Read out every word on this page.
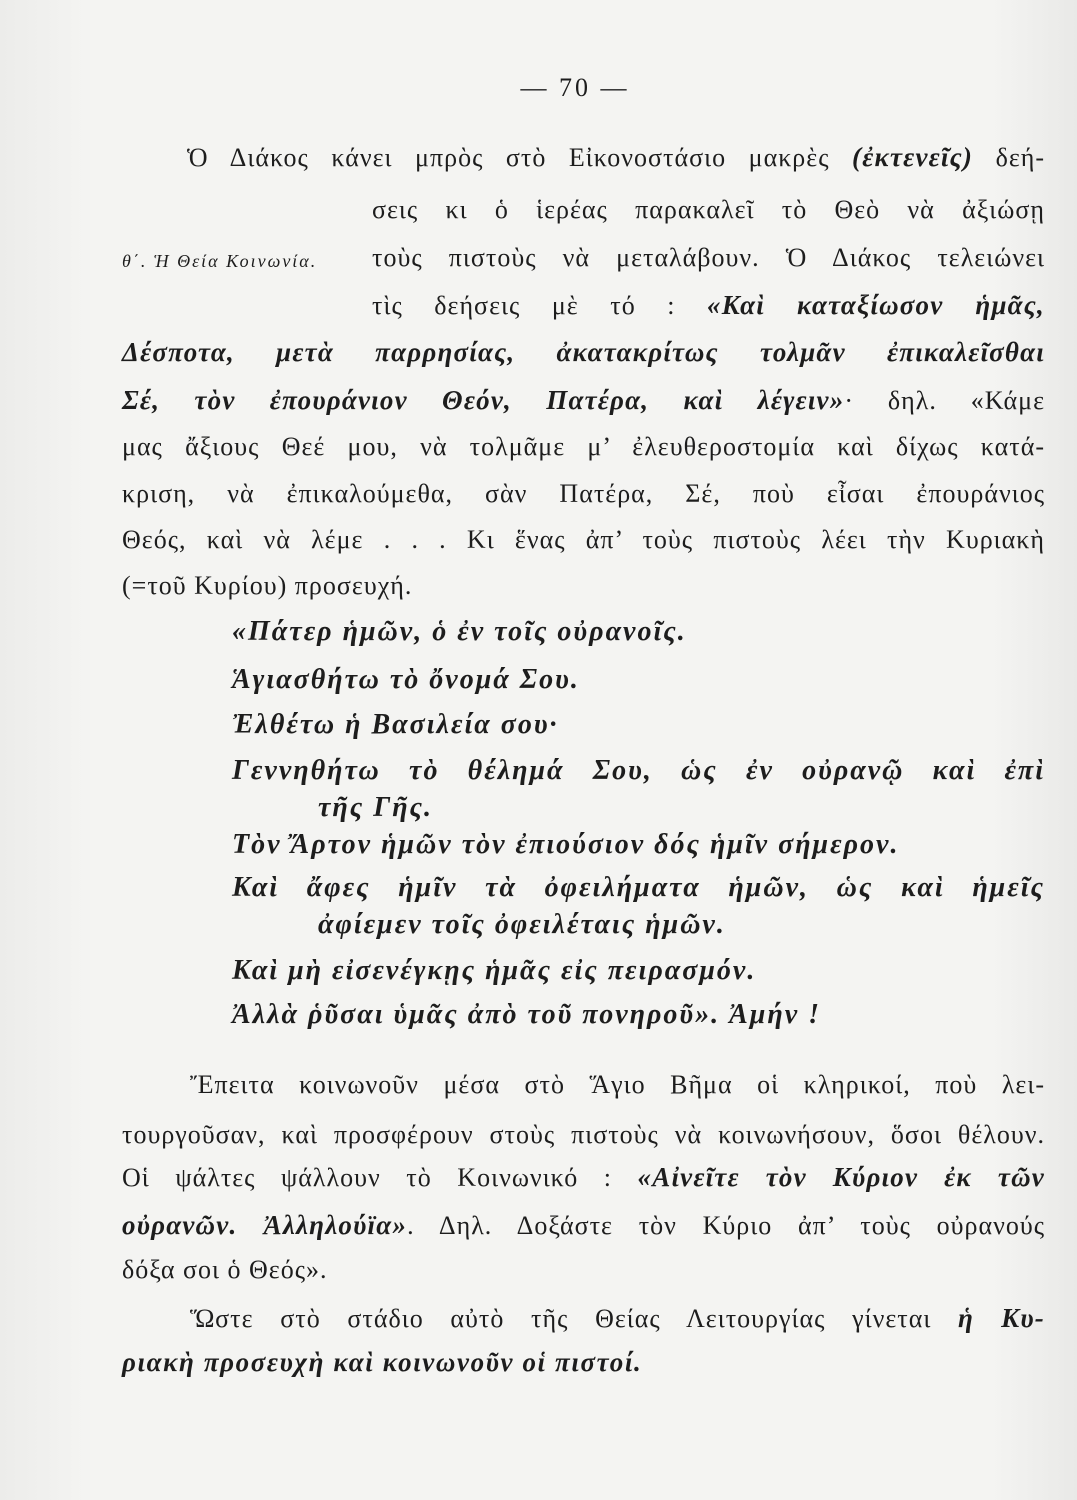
— 70 —
Ὁ Διάκος κάνει μπρὸς στὸ Εἰκονοστάσιο μακρὲς (ἐκτενεῖς) δεή-
σεις κι ὁ ἱερέας παρακαλεῖ τὸ Θεὸ νὰ ἀξιώσῃ
θ΄. Ἡ Θεία Κοινωνία. τοὺς πιστοὺς νὰ μεταλάβουν. Ὁ Διάκος τελειώνει
τὶς δεήσεις μὲ τό : «Καὶ καταξίωσον ἡμᾶς,
Δέσποτα, μετὰ παρρησίας, ἀκατακρίτως τολμᾶν ἐπικαλεῖσθαι
Σέ, τὸν ἐπουράνιον Θεόν, Πατέρα, καὶ λέγειν»· δηλ. «Κάμε
μας ἄξιους Θεέ μου, νὰ τολμᾶμε μ’ ἐλευθεροστομία καὶ δίχως κατά-
κριση, νὰ ἐπικαλούμεθα, σὰν Πατέρα, Σέ, ποὺ εἶσαι ἐπουράνιος
Θεός, καὶ νὰ λέμε . . . Κι ἕνας ἀπ’ τοὺς πιστοὺς λέει τὴν Κυριακὴ
(=τοῦ Κυρίου) προσευχή.
«Πάτερ ἡμῶν, ὁ ἐν τοῖς οὐρανοῖς.
Ἁγιασθήτω τὸ ὄνομά Σου.
Ἐλθέτω ἡ Βασιλεία σου·
Γεννηθήτω τὸ θέλημά Σου, ὡς ἐν οὐρανῷ καὶ ἐπὶ
τῆς Γῆς.
Τὸν Ἄρτον ἡμῶν τὸν ἐπιούσιον δός ἡμῖν σήμερον.
Καὶ ἄφες ἡμῖν τὰ ὀφειλήματα ἡμῶν, ὡς καὶ ἡμεῖς
ἀφίεμεν τοῖς ὀφειλέταις ἡμῶν.
Καὶ μὴ εἰσενέγκῃς ἡμᾶς εἰς πειρασμόν.
Ἀλλὰ ῥῦσαι ὑμᾶς ἀπὸ τοῦ πονηροῦ». Ἀμήν !
Ἔπειτα κοινωνοῦν μέσα στὸ Ἅγιο Βῆμα οἱ κληρικοί, ποὺ λει-
τουργοῦσαν, καὶ προσφέρουν στοὺς πιστοὺς νὰ κοινωνήσουν, ὅσοι θέλουν.
Οἱ ψάλτες ψάλλουν τὸ Κοινωνικό : «Αἰνεῖτε τὸν Κύριον ἐκ τῶν
οὐρανῶν. Ἀλληλούϊα». Δηλ. Δοξάστε τὸν Κύριο ἀπ’ τοὺς οὐρανούς
δόξα σοι ὁ Θεός».
Ὥστε στὸ στάδιο αὐτὸ τῆς Θείας Λειτουργίας γίνεται ἡ Κυ-
ριακὴ προσευχὴ καὶ κοινωνοῦν οἱ πιστοί.
